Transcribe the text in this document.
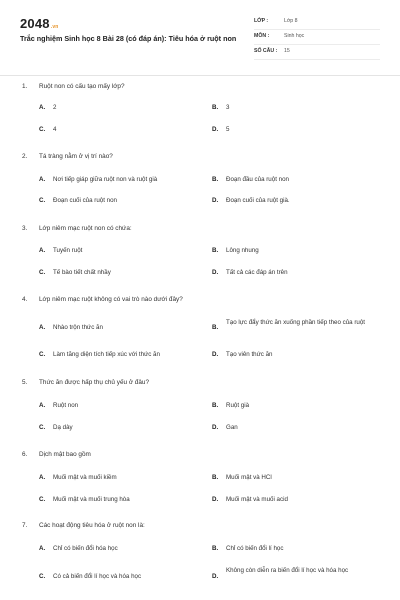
2048.vn
Trắc nghiệm Sinh học 8 Bài 28 (có đáp án): Tiêu hóa ở ruột non
LỚP :	Lớp 8
MÔN :	Sinh học
SỐ CÂU : 15
1.	Ruột non có cấu tạo mấy lớp?
A. 2	B. 3
C. 4	D. 5
2.	Tá tràng nằm ở vị trí nào?
A. Nơi tiếp giáp giữa ruột non và ruột già	B. Đoạn đầu của ruột non
C. Đoạn cuối của ruột non	D. Đoạn cuối của ruột già.
3.	Lớp niêm mạc ruột non có chứa:
A. Tuyến ruột	B. Lông nhung
C. Tế bào tiết chất nhầy	D. Tất cả các đáp án trên
4.	Lớp niêm mạc ruột không có vai trò nào dưới đây?
A. Nhào trộn thức ăn	B.
Tạo lực đẩy thức ăn xuống phần tiếp theo của ruột
C. Làm tăng diện tích tiếp xúc với thức ăn	D. Tạo viên thức ăn
5.	Thức ăn được hấp thụ chủ yếu ở đâu?
A. Ruột non	B. Ruột già
C. Dạ dày	D. Gan
6.	Dịch mật bao gồm
A. Muối mật và muối kiềm	B. Muối mật và HCl
C. Muối mật và muối trung hòa	D. Muối mật và muối acid
7.	Các hoạt động tiêu hóa ở ruột non là:
A. Chỉ có biến đổi hóa học	B. Chỉ có biến đổi lí học
C. Có cả biến đổi lí học và hóa học	D.
Không còn diễn ra biến đổi lí học và hóa học
